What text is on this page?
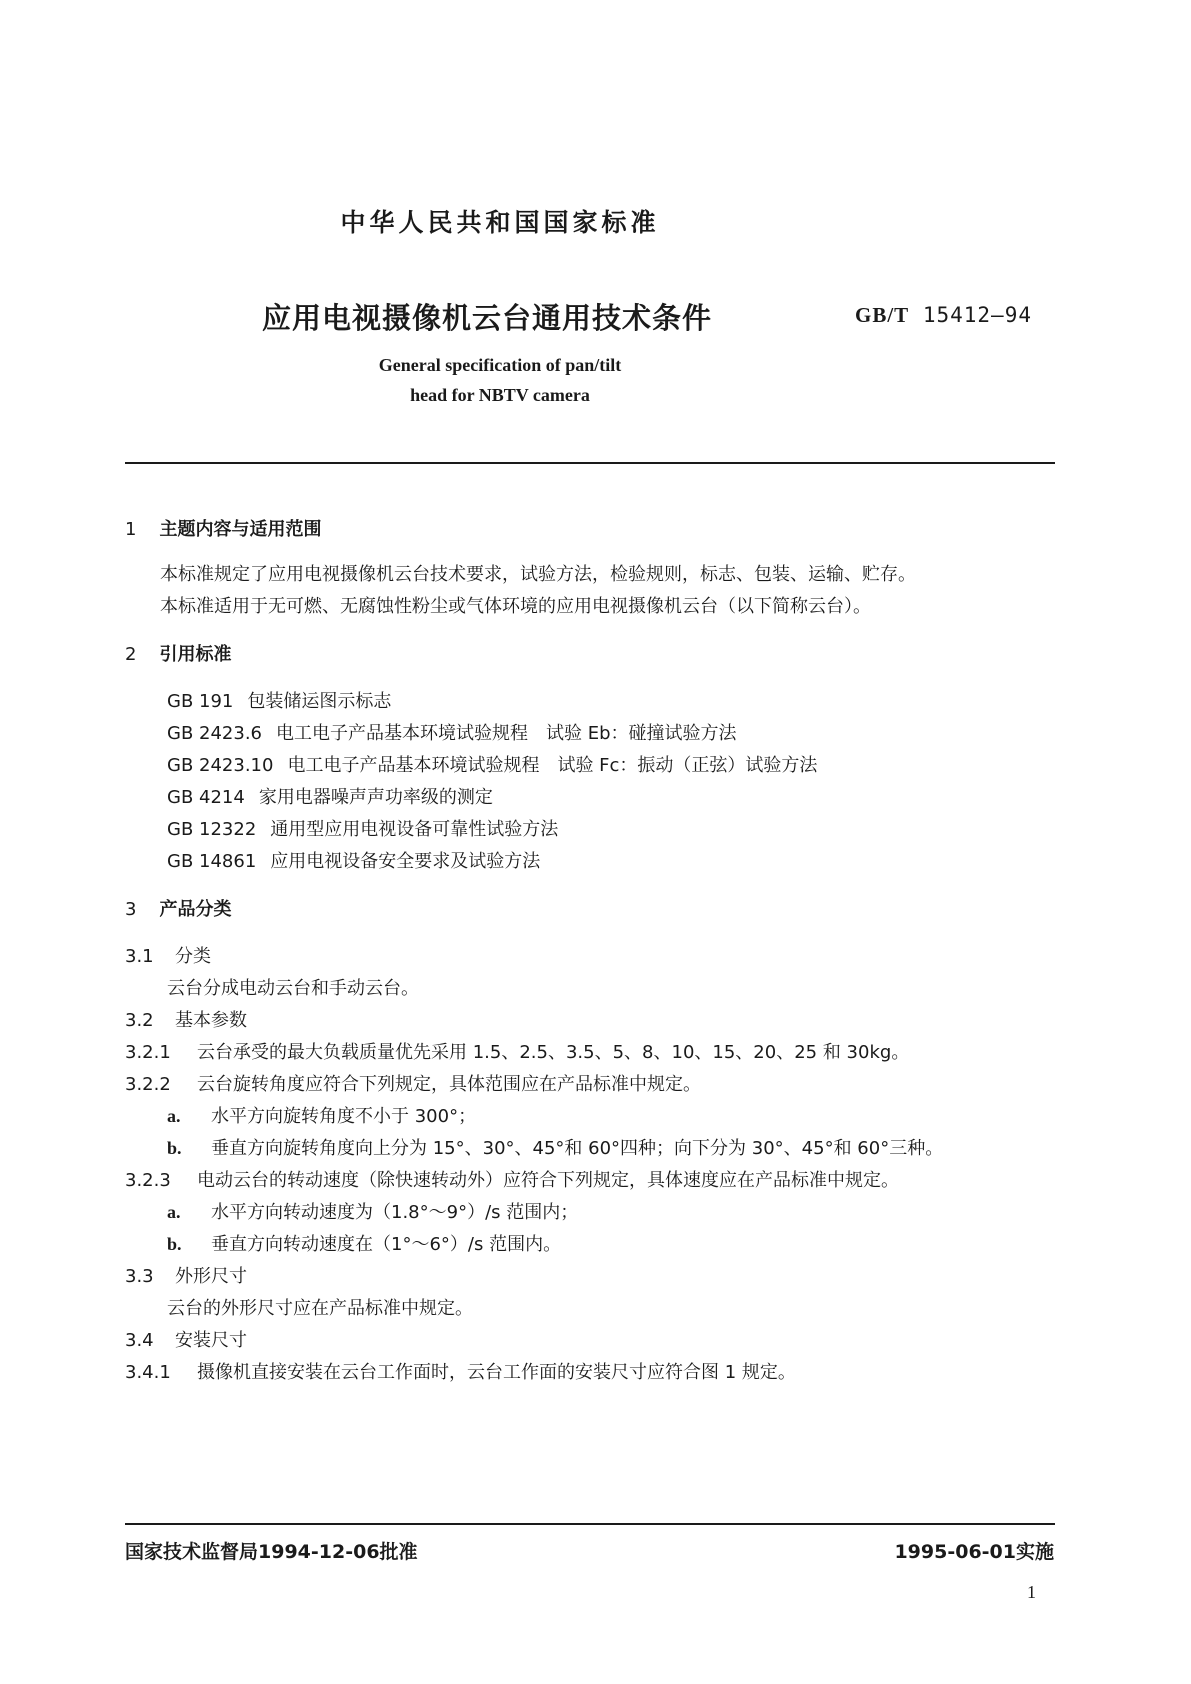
中华人民共和国国家标准
应用电视摄像机云台通用技术条件	GB/T 15412—94
General specification of pan/tilt
head for NBTV camera
1 主题内容与适用范围
本标准规定了应用电视摄像机云台技术要求，试验方法，检验规则，标志、包装、运输、贮存。
本标准适用于无可燃、无腐蚀性粉尘或气体环境的应用电视摄像机云台（以下简称云台）。
2 引用标准
GB 191 包装储运图示标志
GB 2423.6 电工电子产品基本环境试验规程　试验 Eb：碰撞试验方法
GB 2423.10 电工电子产品基本环境试验规程　试验 Fc：振动（正弦）试验方法
GB 4214 家用电器噪声声功率级的测定
GB 12322 通用型应用电视设备可靠性试验方法
GB 14861 应用电视设备安全要求及试验方法
3 产品分类
3.1 分类
云台分成电动云台和手动云台。
3.2 基本参数
3.2.1 云台承受的最大负载质量优先采用 1.5、2.5、3.5、5、8、10、15、20、25 和 30kg。
3.2.2 云台旋转角度应符合下列规定，具体范围应在产品标准中规定。
a. 水平方向旋转角度不小于 300°；
b. 垂直方向旋转角度向上分为 15°、30°、45°和 60°四种；向下分为 30°、45°和 60°三种。
3.2.3 电动云台的转动速度（除快速转动外）应符合下列规定，具体速度应在产品标准中规定。
a. 水平方向转动速度为（1.8°～9°）/s 范围内；
b. 垂直方向转动速度在（1°～6°）/s 范围内。
3.3 外形尺寸
云台的外形尺寸应在产品标准中规定。
3.4 安装尺寸
3.4.1 摄像机直接安装在云台工作面时，云台工作面的安装尺寸应符合图 1 规定。
国家技术监督局1994-12-06批准	1995-06-01实施
1
